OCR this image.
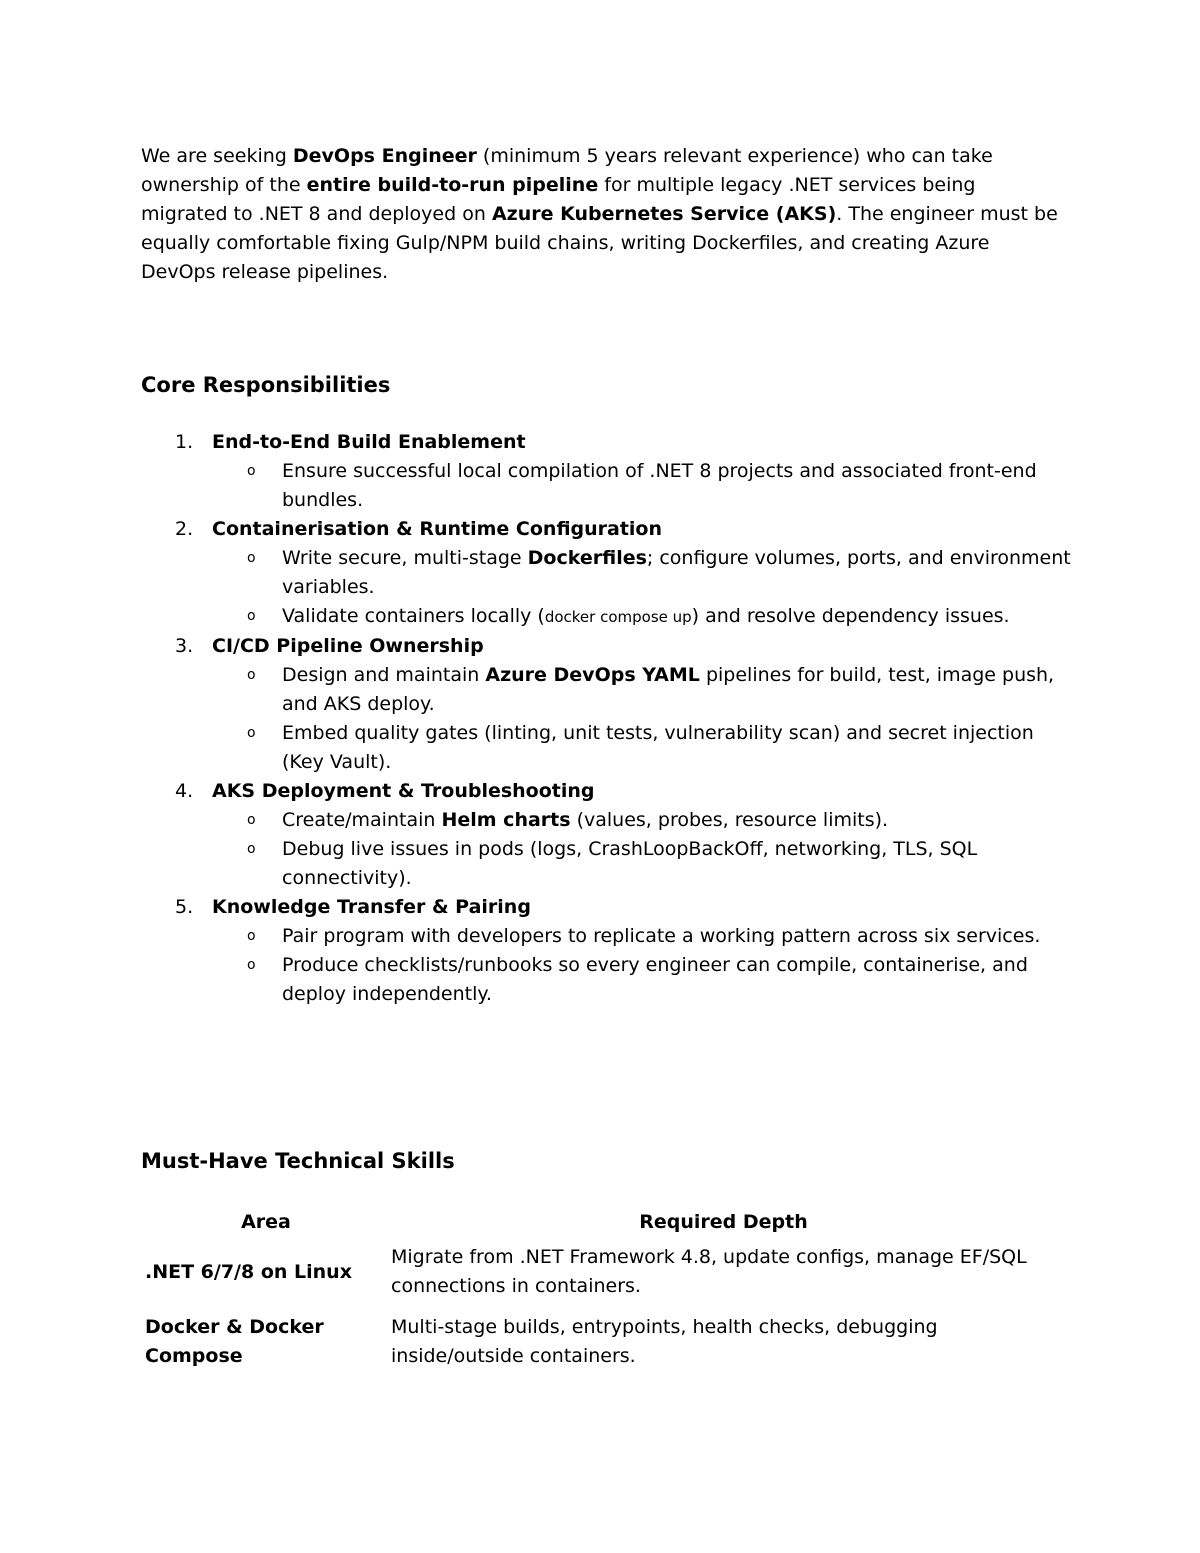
We are seeking DevOps Engineer (minimum 5 years relevant experience) who can take ownership of the entire build-to-run pipeline for multiple legacy .NET services being migrated to .NET 8 and deployed on Azure Kubernetes Service (AKS). The engineer must be equally comfortable fixing Gulp/NPM build chains, writing Dockerfiles, and creating Azure DevOps release pipelines.

Core Responsibilities
1. End-to-End Build Enablement
o Ensure successful local compilation of .NET 8 projects and associated front-end bundles.
2. Containerisation & Runtime Configuration
o Write secure, multi-stage Dockerfiles; configure volumes, ports, and environment variables.
o Validate containers locally (docker compose up) and resolve dependency issues.
3. CI/CD Pipeline Ownership
o Design and maintain Azure DevOps YAML pipelines for build, test, image push, and AKS deploy.
o Embed quality gates (linting, unit tests, vulnerability scan) and secret injection (Key Vault).
4. AKS Deployment & Troubleshooting
o Create/maintain Helm charts (values, probes, resource limits).
o Debug live issues in pods (logs, CrashLoopBackOff, networking, TLS, SQL connectivity).
5. Knowledge Transfer & Pairing
o Pair program with developers to replicate a working pattern across six services.
o Produce checklists/runbooks so every engineer can compile, containerise, and deploy independently.
Must-Have Technical Skills
Area	Required Depth
.NET 6/7/8 on Linux	Migrate from .NET Framework 4.8, update configs, manage EF/SQL connections in containers.
Docker & Docker Compose	Multi-stage builds, entrypoints, health checks, debugging inside/outside containers.
